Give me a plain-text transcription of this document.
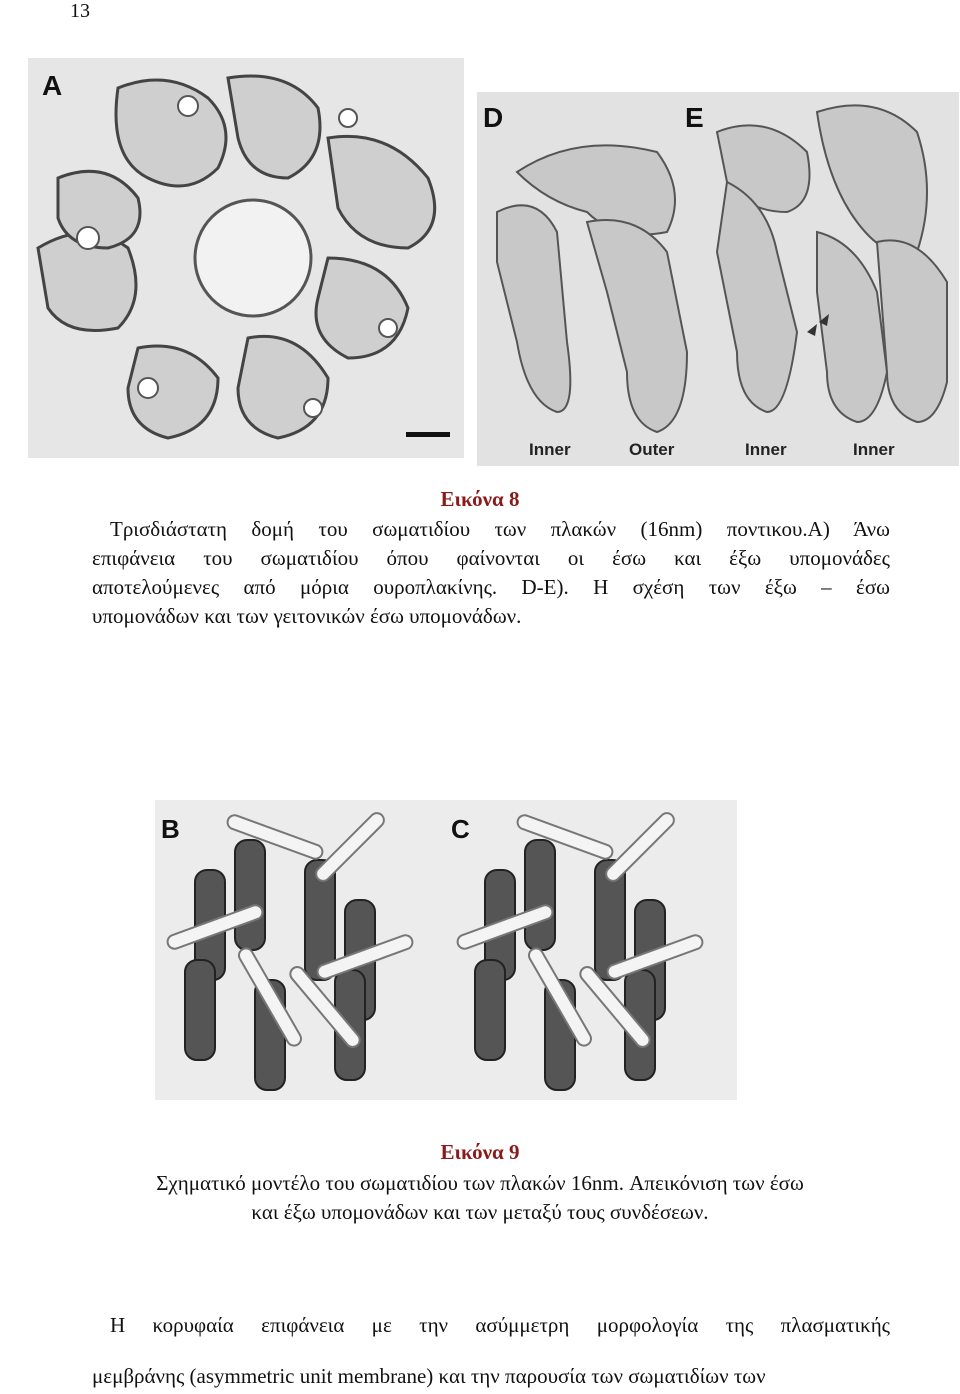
13
A
D	E
Inner	Outer	Inner	Inner
Εικόνα 8
Τρισδιάστατη δομή του σωματιδίου των πλακών (16nm) ποντικου.Α) Άνω
επιφάνεια του σωματιδίου όπου φαίνονται οι έσω και έξω υπομονάδες
αποτελούμενες από μόρια ουροπλακίνης. D-E). Η σχέση των έξω – έσω
υπομονάδων και των γειτονικών έσω υπομονάδων.
B	C
Εικόνα 9
Σχηματικό μοντέλο του σωματιδίου των πλακών 16nm. Απεικόνιση των έσω
και έξω υπομονάδων και των μεταξύ τους συνδέσεων.
Η κορυφαία επιφάνεια με την ασύμμετρη μορφολογία της πλασματικής
μεμβράνης (asymmetric unit membrane) και την παρουσία των σωματιδίων των
